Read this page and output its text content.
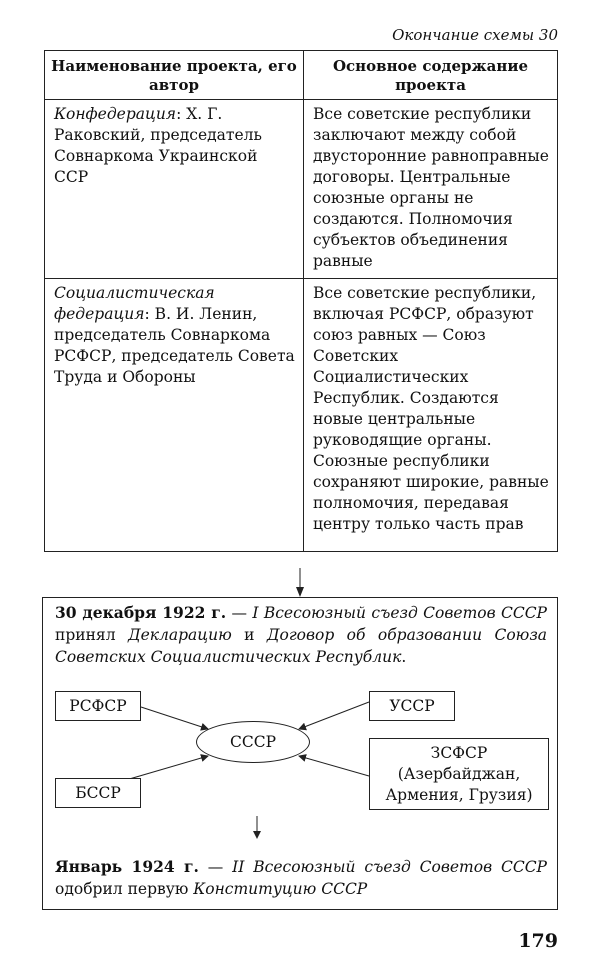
Окончание схемы 30
Наименование проекта, его автор	Основное содержание проекта
Конфедерация: Х. Г. Раковский, председатель Совнаркома Украинской ССР	Все советские республики заключают между собой двусторонние равноправные договоры. Центральные союзные органы не создаются. Полномочия субъектов объединения равные
Социалистическая федерация: В. И. Ленин, председатель Совнаркома РСФСР, председатель Совета Труда и Обороны	Все советские республики, включая РСФСР, образуют союз равных — Союз Советских Социалистических Республик. Создаются новые центральные руководящие органы. Союзные республики сохраняют широкие, равные полномочия, передавая центру только часть прав
30 декабря 1922 г. — I Всесоюзный съезд Советов СССР принял Декларацию и Договор об образовании Союза Советских Социалистических Республик.
РСФСР	УССР
БССР
СССР
ЗСФСР
(Азербайджан, Армения, Грузия)
Январь 1924 г. — II Всесоюзный съезд Советов СССР одобрил первую Конституцию СССР
179
